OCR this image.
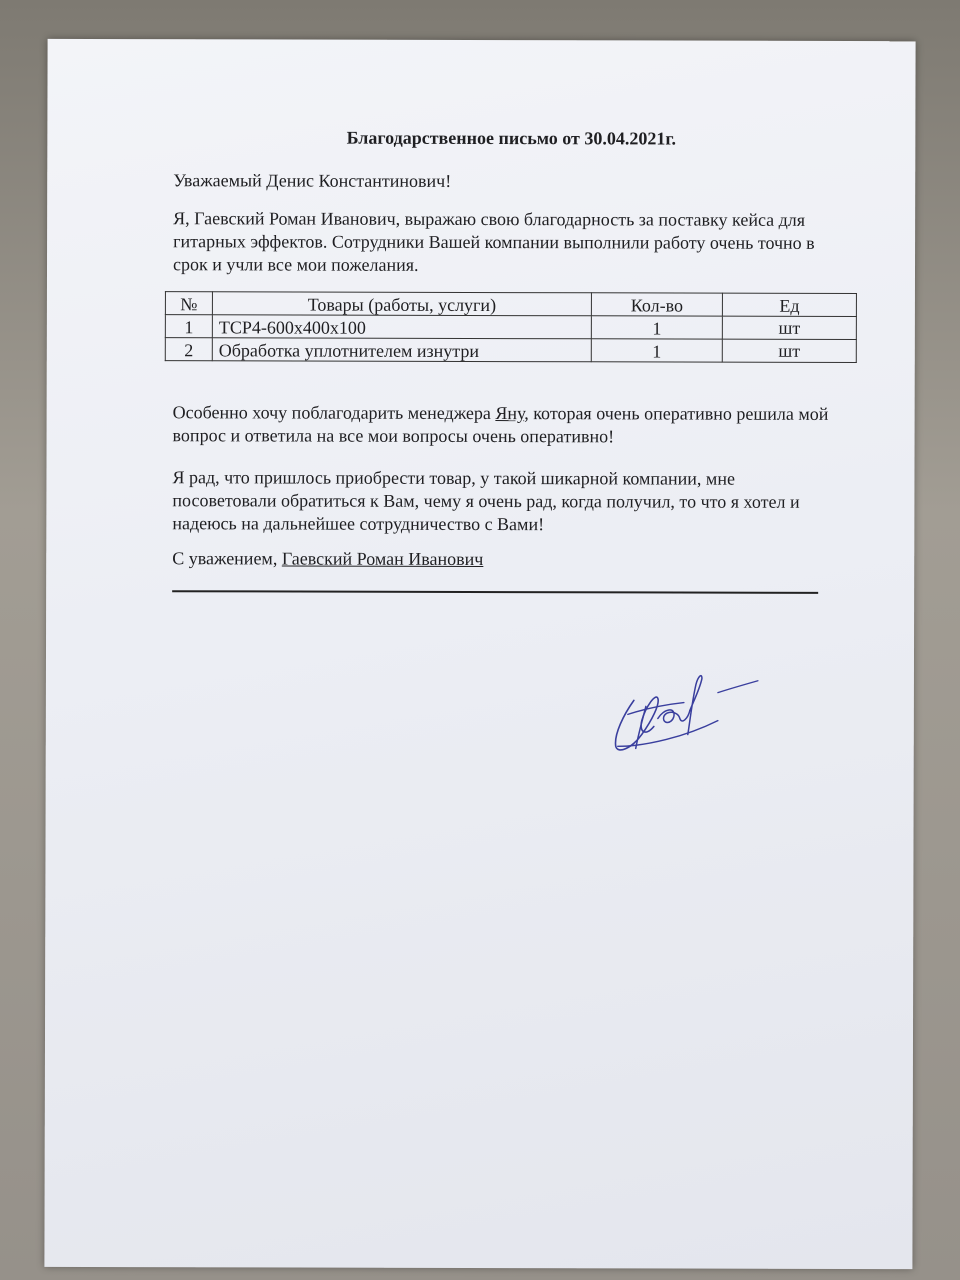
Благодарственное письмо от 30.04.2021г.
Уважаемый Денис Константинович!
Я, Гаевский Роман Иванович, выражаю свою благодарность за поставку кейса для гитарных эффектов. Сотрудники Вашей компании выполнили работу очень точно в срок и учли все мои пожелания.
№	Товары (работы, услуги)	Кол-во	Ед
1	TCP4-600x400x100	1	шт
2	Обработка уплотнителем изнутри	1	шт
Особенно хочу поблагодарить менеджера Яну, которая очень оперативно решила мой вопрос и ответила на все мои вопросы очень оперативно!
Я рад, что пришлось приобрести товар, у такой шикарной компании, мне посоветовали обратиться к Вам, чему я очень рад, когда получил, то что я хотел и надеюсь на дальнейшее сотрудничество с Вами!
С уважением, Гаевский Роман Иванович
